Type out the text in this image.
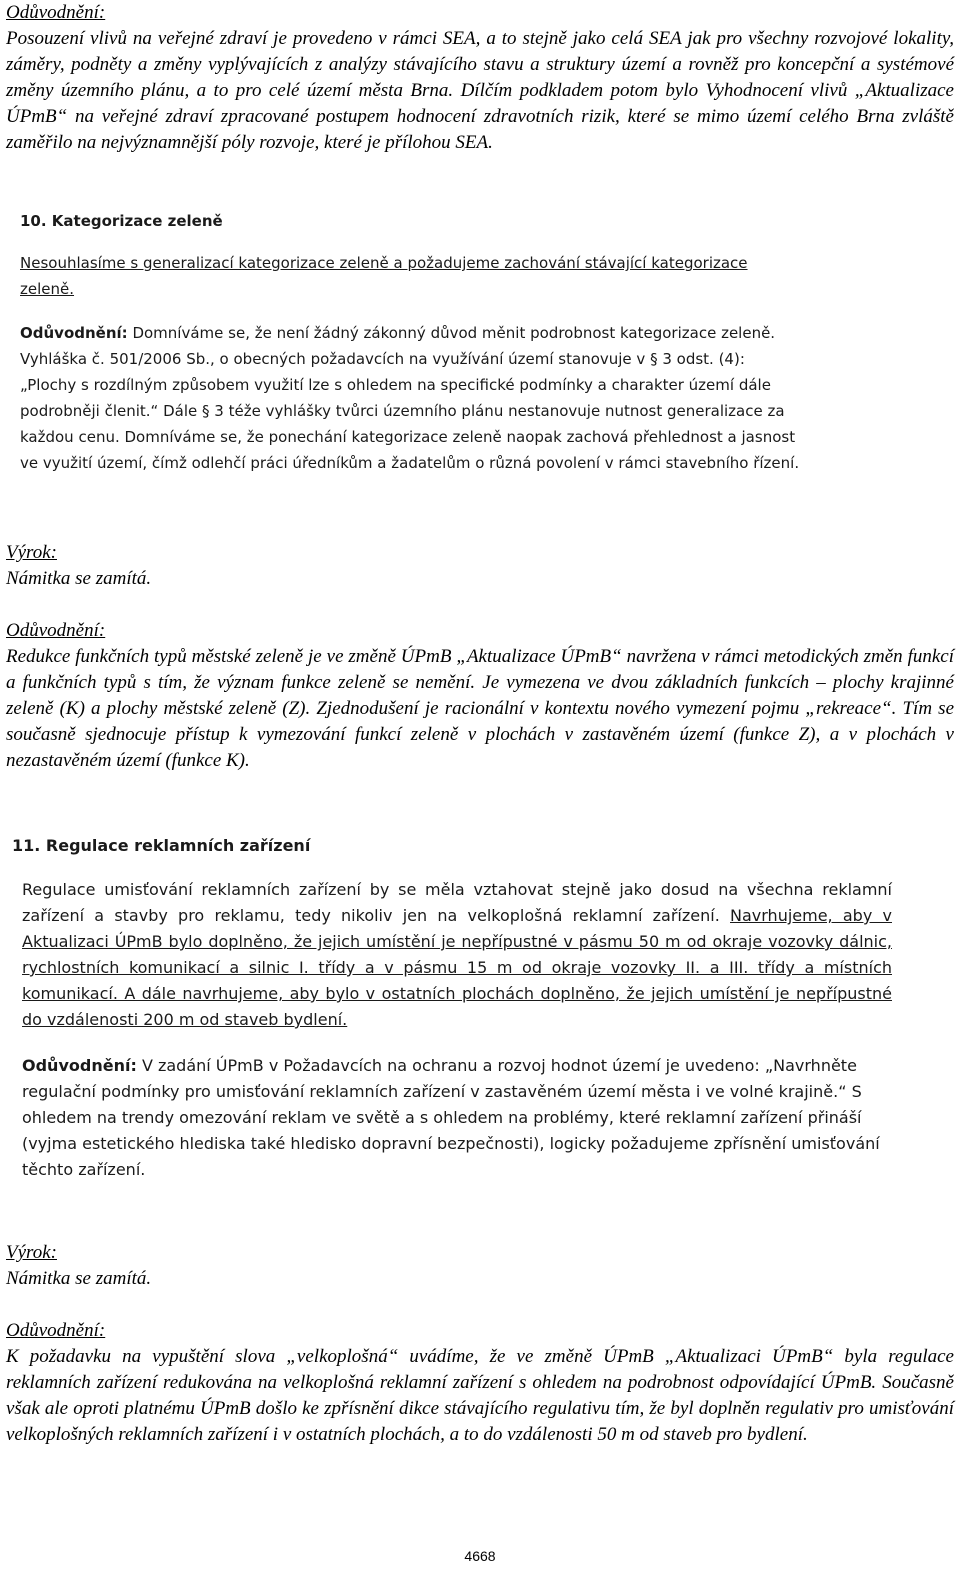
Odůvodnění:
Posouzení vlivů na veřejné zdraví je provedeno v rámci SEA, a to stejně jako celá SEA jak pro všechny rozvojové lokality, záměry, podněty a změny vyplývajících z analýzy stávajícího stavu a struktury území a rovněž pro koncepční a systémové změny územního plánu, a to pro celé území města Brna. Dílčím podkladem potom bylo Vyhodnocení vlivů „Aktualizace ÚPmB“ na veřejné zdraví zpracované postupem hodnocení zdravotních rizik, které se mimo území celého Brna zvláště zaměřilo na nejvýznamnější póly rozvoje, které je přílohou SEA.
10. Kategorizace zeleně
Nesouhlasíme s generalizací kategorizace zeleně a požadujeme zachování stávající kategorizace zeleně.
Odůvodnění: Domníváme se, že není žádný zákonný důvod měnit podrobnost kategorizace zeleně. Vyhláška č. 501/2006 Sb., o obecných požadavcích na využívání území stanovuje v § 3 odst. (4): „Plochy s rozdílným způsobem využití lze s ohledem na specifické podmínky a charakter území dále podrobněji členit.“ Dále § 3 téže vyhlášky tvůrci územního plánu nestanovuje nutnost generalizace za každou cenu. Domníváme se, že ponechání kategorizace zeleně naopak zachová přehlednost a jasnost ve využití území, čímž odlehčí práci úředníkům a žadatelům o různá povolení v rámci stavebního řízení.
Výrok:
Námitka se zamítá.
Odůvodnění:
Redukce funkčních typů městské zeleně je ve změně ÚPmB „Aktualizace ÚPmB“ navržena v rámci metodických změn funkcí a funkčních typů s tím, že význam funkce zeleně se nemění. Je vymezena ve dvou základních funkcích – plochy krajinné zeleně (K) a plochy městské zeleně (Z). Zjednodušení je racionální v kontextu nového vymezení pojmu „rekreace“. Tím se současně sjednocuje přístup k vymezování funkcí zeleně v plochách v zastavěném území (funkce Z), a v plochách v nezastavěném území (funkce K).
11. Regulace reklamních zařízení
Regulace umisťování reklamních zařízení by se měla vztahovat stejně jako dosud na všechna reklamní zařízení a stavby pro reklamu, tedy nikoliv jen na velkoplošná reklamní zařízení. Navrhujeme, aby v Aktualizaci ÚPmB bylo doplněno, že jejich umístění je nepřípustné v pásmu 50 m od okraje vozovky dálnic, rychlostních komunikací a silnic I. třídy a v pásmu 15 m od okraje vozovky II. a III. třídy a místních komunikací. A dále navrhujeme, aby bylo v ostatních plochách doplněno, že jejich umístění je nepřípustné do vzdálenosti 200 m od staveb bydlení.
Odůvodnění: V zadání ÚPmB v Požadavcích na ochranu a rozvoj hodnot území je uvedeno: „Navrhněte regulační podmínky pro umisťování reklamních zařízení v zastavěném území města i ve volné krajině.“ S ohledem na trendy omezování reklam ve světě a s ohledem na problémy, které reklamní zařízení přináší (vyjma estetického hlediska také hledisko dopravní bezpečnosti), logicky požadujeme zpřísnění umisťování těchto zařízení.
Výrok:
Námitka se zamítá.
Odůvodnění:
K požadavku na vypuštění slova „velkoplošná“ uvádíme, že ve změně ÚPmB „Aktualizaci ÚPmB“ byla regulace reklamních zařízení redukována na velkoplošná reklamní zařízení s ohledem na podrobnost odpovídající ÚPmB. Současně však ale oproti platnému ÚPmB došlo ke zpřísnění dikce stávajícího regulativu tím, že byl doplněn regulativ pro umisťování velkoplošných reklamních zařízení i v ostatních plochách, a to do vzdálenosti 50 m od staveb pro bydlení.
4668
